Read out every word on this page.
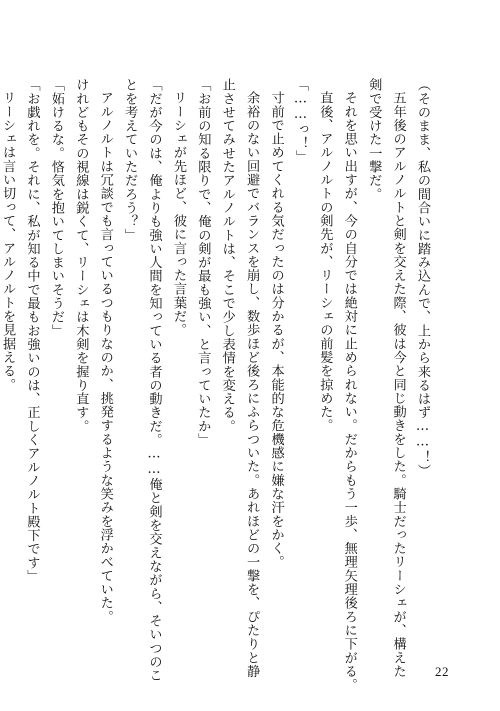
（そのまま、私の間合いに踏み込んで、上から来るはず……！）
五年後のアルノルトと剣を交えた際、彼は今と同じ動きをした。騎士だったリーシェが、構えた
剣で受けた一撃だ。
それを思い出すが、今の自分では絶対に止められない。だからもう一歩、無理矢理後ろに下がる。
直後、アルノルトの剣先が、リーシェの前髪を掠めた。
「……っ！」
寸前で止めてくれる気だったのは分かるが、本能的な危機感に嫌な汗をかく。
余裕のない回避でバランスを崩し、数歩ほど後ろにふらついた。あれほどの一撃を、ぴたりと静
止させてみせたアルノルトは、そこで少し表情を変える。
「お前の知る限りで、俺の剣が最も強い、と言っていたか」
リーシェが先ほど、彼に言った言葉だ。
「だが今のは、俺よりも強い人間を知っている者の動きだ。……俺と剣を交えながら、そいつのこ
とを考えていただろう？」
アルノルトは冗談でも言っているつもりなのか、挑発するような笑みを浮かべていた。
けれどもその視線は鋭くて、リーシェは木剣を握り直す。
「妬けるな。悋気を抱いてしまいそうだ」
「お戯れを。それに、私が知る中で最もお強いのは、正しくアルノルト殿下です」
リーシェは言い切って、アルノルトを見据える。
22
